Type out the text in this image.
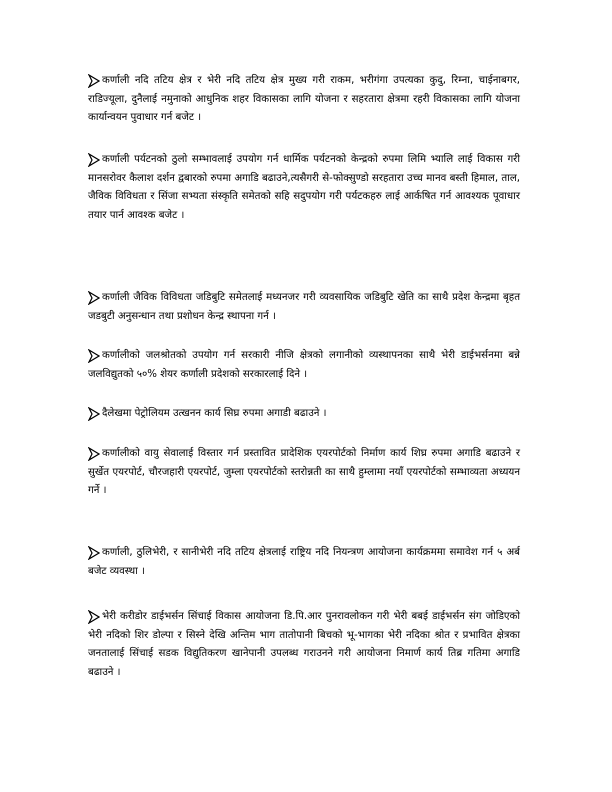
कर्णाली नदि तटिय क्षेत्र र भेरी नदि तटिय क्षेत्र मुख्य गरी राकम, भरीगंगा उपत्यका कुदु, रिम्ना, चाईनाबगर, राडिज्यूला, दुनैलाई नमुनाको आधुनिक शहर विकासका लागि योजना र सहरतारा क्षेत्रमा रहरी विकासका लागि योजना कार्यान्वयन पुवाधार गर्न बजेट ।
कर्णाली पर्यटनको ठुलो सम्भावलाई उपयोग गर्न धार्मिक पर्यटनको केन्द्रको रुपमा लिमि भ्यालि लाई विकास गरी मानसरोवर कैलाश दर्शन द्वबारको रुपमा अगाडि बढाउने,त्यसैगरी से-फोक्सुण्डो सरहतारा उच्च मानव बस्ती हिमाल, ताल, जैविक विविधता र सिंजा सभ्यता संस्कृति समेतको सहि सदुपयोग गरी पर्यटकहरु लाई आर्कषित गर्न आवश्यक पूवाधार तयार पार्न आवश्क बजेट ।
कर्णाली जैविक विविधता जडिबुटि समेतलाई मध्यनजर गरी व्यवसायिक जडिबुटि खेति का साथै प्रदेश केन्द्रमा बृहत जडबुटी अनुसन्धान तथा प्रशोधन केन्द्र स्थापना गर्न ।
कर्णालीको जलश्रोतको उपयोग गर्न सरकारी नीजि क्षेत्रको लगानीको व्यस्थापनका साथै भेरी डाईभर्सनमा बन्ने जलविद्युतको ५०% शेयर कर्णाली प्रदेशको सरकारलाई दिने ।
दैलेखमा पेट्रोलियम उत्खनन कार्य सिघ्र रुपमा अगाडी बढाउने ।
कर्णालीको वायु सेवालाई विस्तार गर्न प्रस्तावित प्रादेशिक एयरपोर्टको निर्माण कार्य शिघ्र रुपमा अगाडि बढाउने र सुर्खेत एयरपोर्ट, चौरजहारी एयरपोर्ट, जुम्ला एयरपोर्टको स्तरोन्नती का साथै हुम्लामा नयाँ एयरपोर्टको सम्भाव्यता अध्ययन गर्ने ।
कर्णाली, ठुलिभेरी, र सानीभेरी नदि तटिय क्षेत्रलाई राष्ट्रिय नदि नियन्त्रण आयोजना कार्यक्रममा समावेश गर्न ५ अर्ब बजेट व्यवस्था ।
भेरी करीडोर डाईभर्सन सिंचाई विकास आयोजना डि.पि.आर पुनरावलोकन गरी भेरी बबई डाईभर्सन संग जोडिएको भेरी नदिको शिर डोल्पा र सिस्ने देखि अन्तिम भाग तातोपानी बिचको भू-भागका भेरी नदिका श्रोत र प्रभावित क्षेत्रका जनतालाई सिंचाई सडक विद्युतिकरण खानेपानी उपलब्ध गराउनने गरी आयोजना निमार्ण कार्य तिब्र गतिमा अगाडि बढाउने ।
